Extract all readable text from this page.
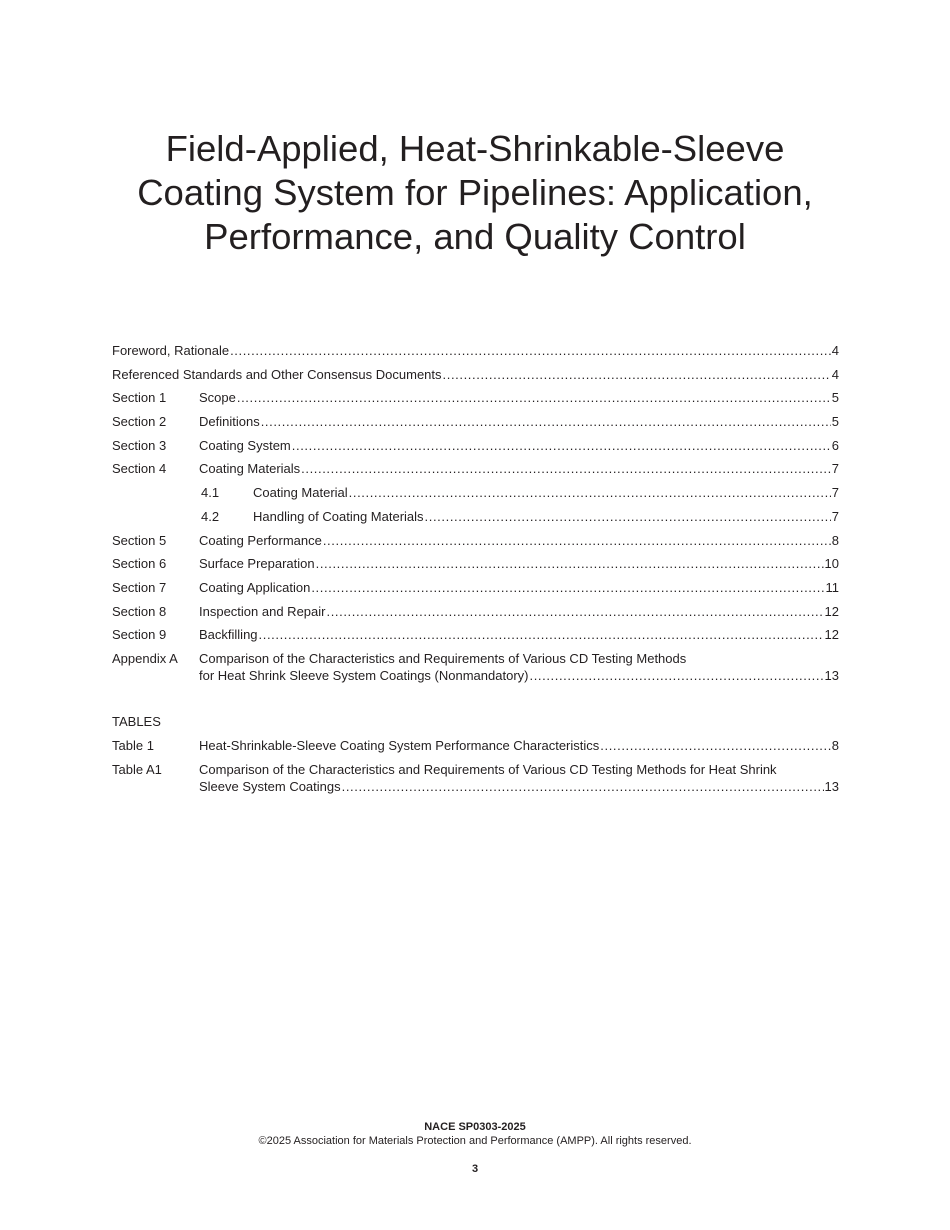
Field-Applied, Heat-Shrinkable-Sleeve
Coating System for Pipelines: Application,
Performance, and Quality Control
Foreword, Rationale .....	4
Referenced Standards and Other Consensus Documents .....	4
Section 1	Scope .....	5
Section 2	Definitions .....	5
Section 3	Coating System .....	6
Section 4	Coating Materials .....	7
4.1	Coating Material .....	7
4.2	Handling of Coating Materials .....	7
Section 5	Coating Performance .....	8
Section 6	Surface Preparation .....	10
Section 7	Coating Application .....	11
Section 8	Inspection and Repair .....	12
Section 9	Backfilling .....	12
Appendix A Comparison of the Characteristics and Requirements of Various CD Testing Methods
for Heat Shrink Sleeve System Coatings (Nonmandatory) .....	13
TABLES
Table 1	Heat-Shrinkable-Sleeve Coating System Performance Characteristics .....	8
Table A1	Comparison of the Characteristics and Requirements of Various CD Testing Methods for Heat Shrink
Sleeve System Coatings .....	13
NACE SP0303-2025
©2025 Association for Materials Protection and Performance (AMPP). All rights reserved.
3
